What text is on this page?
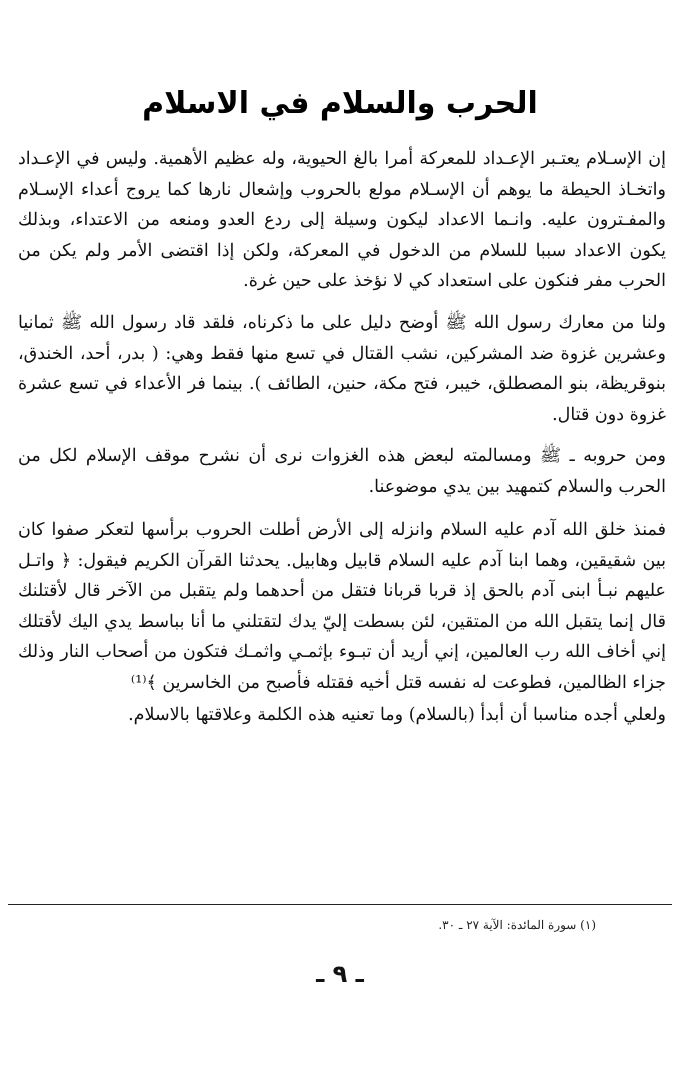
الحرب والسلام في الاسلام

إن الإسـلام يعتـبر الإعـداد للمعركة أمرا بالغ الحيوية، وله عظيم الأهمية. وليس في الإعـداد واتخـاذ الحيطة ما يوهم أن الإسـلام مولع بالحروب وإشعال نارها كما يروج أعداء الإسـلام والمفـترون عليه. وانـما الاعداد ليكون وسيلة إلى ردع العدو ومنعه من الاعتداء، وبذلك يكون الاعداد سببا للسلام من الدخول في المعركة، ولكن إذا اقتضى الأمر ولم يكن من الحرب مفر فنكون على استعداد كي لا نؤخذ على حين غرة.

ولنا من معارك رسول الله ﷺ أوضح دليل على ما ذكرناه، فلقد قاد رسول الله ﷺ ثمانيا وعشرين غزوة ضد المشركين، نشب القتال في تسع منها فقط وهي: ( بدر، أحد، الخندق، بنوقريظة، بنو المصطلق، خيبر، فتح مكة، حنين، الطائف ). بينما فر الأعداء في تسع عشرة غزوة دون قتال.

ومن حروبه ـ ﷺ ومسالمته لبعض هذه الغزوات نرى أن نشرح موقف الإسلام لكل من الحرب والسلام كتمهيد بين يدي موضوعنا.

فمنذ خلق الله آدم عليه السلام وانزله إلى الأرض أطلت الحروب برأسها لتعكر صفوا كان بين شقيقين، وهما ابنا آدم عليه السلام قابيل وهابيل. يحدثنا القرآن الكريم فيقول: ﴿ واتـل عليهم نبـأ ابنى آدم بالحق إذ قربا قربانا فتقل من أحدهما ولم يتقبل من الآخر قال لأقتلنك قال إنما يتقبل الله من المتقين، لئن بسطت إليّ يدك لتقتلني ما أنا بباسط يدي اليك لأقتلك إني أخاف الله رب العالمين، إني أريد أن تبـوء بإثمـي واثمـك فتكون من أصحاب النار وذلك جزاء الظالمين، فطوعت له نفسه قتل أخيه فقتله فأصبح من الخاسرين ﴾⁽¹⁾

ولعلي أجده مناسبا أن أبدأ (بالسلام) وما تعنيه هذه الكلمة وعلاقتها بالاسلام.

(١) سورة المائدة: الآية ٢٧ ـ ٣٠.
ـ ٩ ـ
